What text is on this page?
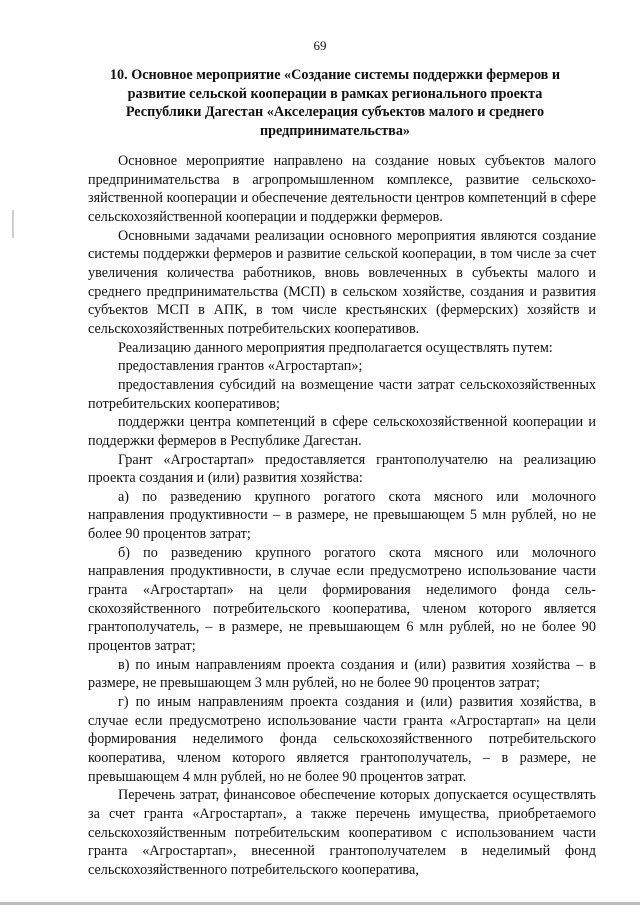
69
10. Основное мероприятие «Создание системы поддержки фермеров и развитие сельской кооперации в рамках регионального проекта Республики Дагестан «Акселерация субъектов малого и среднего предпринимательства»

Основное мероприятие направлено на создание новых субъектов малого предпринимательства в агропромышленном комплексе, развитие сельскохозяйственной кооперации и обеспечение деятельности центров компетенций в сфере сельскохозяйственной кооперации и поддержки фермеров.

Основными задачами реализации основного мероприятия являются создание системы поддержки фермеров и развитие сельской кооперации, в том числе за счет увеличения количества работников, вновь вовлеченных в субъекты малого и среднего предпринимательства (МСП) в сельском хозяйстве, создания и развития субъектов МСП в АПК, в том числе крестьянских (фермерских) хозяйств и сельскохозяйственных потребительских кооперативов.

Реализацию данного мероприятия предполагается осуществлять путем:

предоставления грантов «Агростартап»;

предоставления субсидий на возмещение части затрат сельскохозяйственных потребительских кооперативов;

поддержки центра компетенций в сфере сельскохозяйственной кооперации и поддержки фермеров в Республике Дагестан.

Грант «Агростартап» предоставляется грантополучателю на реализацию проекта создания и (или) развития хозяйства:

а) по разведению крупного рогатого скота мясного или молочного направления продуктивности – в размере, не превышающем 5 млн рублей, но не более 90 процентов затрат;

б) по разведению крупного рогатого скота мясного или молочного направления продуктивности, в случае если предусмотрено использование части гранта «Агростартап» на цели формирования неделимого фонда сельскохозяйственного потребительского кооператива, членом которого является грантополучатель, – в размере, не превышающем 6 млн рублей, но не более 90 процентов затрат;

в) по иным направлениям проекта создания и (или) развития хозяйства – в размере, не превышающем 3 млн рублей, но не более 90 процентов затрат;

г) по иным направлениям проекта создания и (или) развития хозяйства, в случае если предусмотрено использование части гранта «Агростартап» на цели формирования неделимого фонда сельскохозяйственного потребительского кооператива, членом которого является грантополучатель, – в размере, не превышающем 4 млн рублей, но не более 90 процентов затрат.

Перечень затрат, финансовое обеспечение которых допускается осуществлять за счет гранта «Агростартап», а также перечень имущества, приобретаемого сельскохозяйственным потребительским кооперативом с использованием части гранта «Агростартап», внесенной грантополучателем в неделимый фонд сельскохозяйственного потребительского кооператива,
